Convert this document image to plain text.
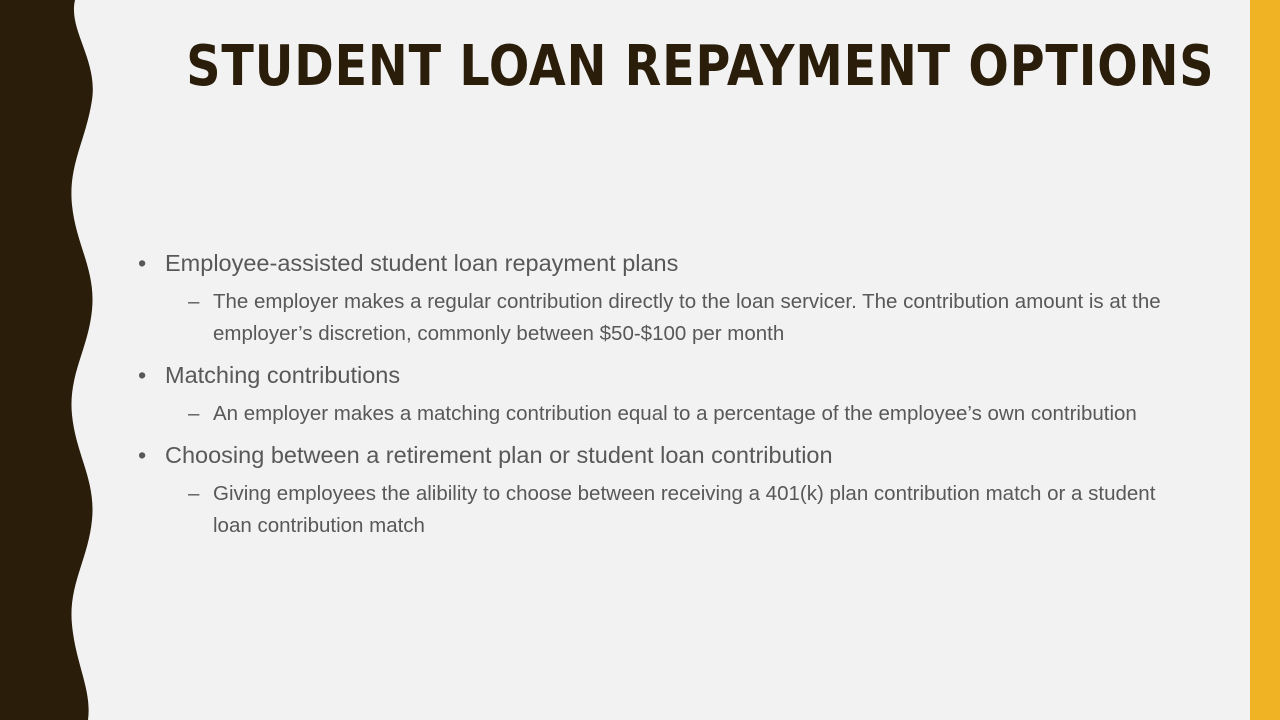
STUDENT LOAN REPAYMENT OPTIONS

• Employee-assisted student loan repayment plans

– The employer makes a regular contribution directly to the loan servicer. The contribution amount is at the employer’s discretion, commonly between $50-$100 per month

• Matching contributions

– An employer makes a matching contribution equal to a percentage of the employee’s own contribution

• Choosing between a retirement plan or student loan contribution

– Giving employees the alibility to choose between receiving a 401(k) plan contribution match or a student loan contribution match
